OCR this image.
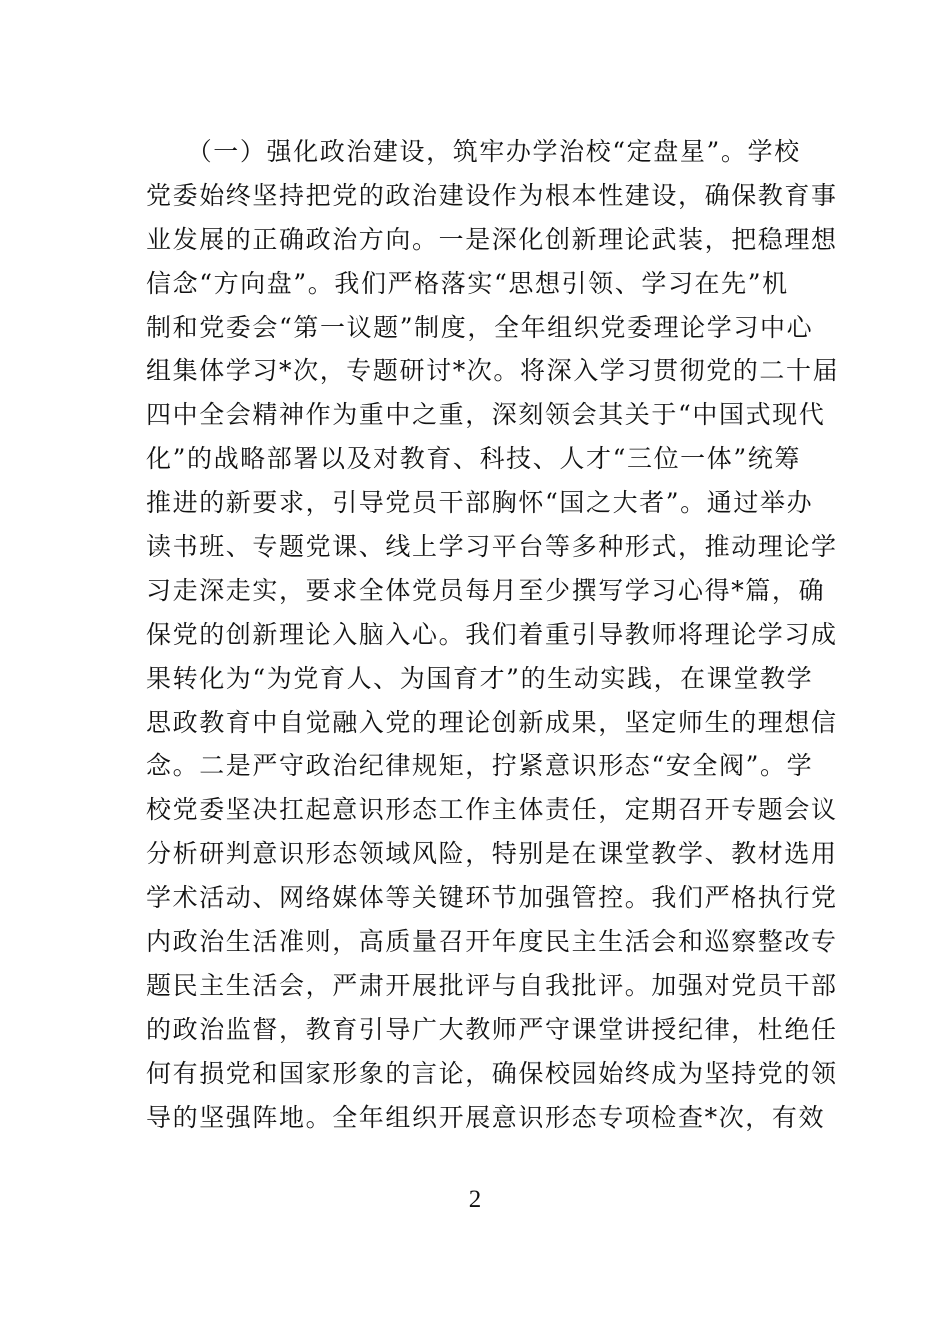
　　（一）强化政治建设，筑牢办学治校“定盘星”。学校
党委始终坚持把党的政治建设作为根本性建设，确保教育事
业发展的正确政治方向。一是深化创新理论武装，把稳理想
信念“方向盘”。我们严格落实“思想引领、学习在先”机
制和党委会“第一议题”制度，全年组织党委理论学习中心
组集体学习*次，专题研讨*次。将深入学习贯彻党的二十届
四中全会精神作为重中之重，深刻领会其关于“中国式现代
化”的战略部署以及对教育、科技、人才“三位一体”统筹
推进的新要求，引导党员干部胸怀“国之大者”。通过举办
读书班、专题党课、线上学习平台等多种形式，推动理论学
习走深走实，要求全体党员每月至少撰写学习心得*篇，确
保党的创新理论入脑入心。我们着重引导教师将理论学习成
果转化为“为党育人、为国育才”的生动实践，在课堂教学
思政教育中自觉融入党的理论创新成果，坚定师生的理想信
念。二是严守政治纪律规矩，拧紧意识形态“安全阀”。学
校党委坚决扛起意识形态工作主体责任，定期召开专题会议
分析研判意识形态领域风险，特别是在课堂教学、教材选用
学术活动、网络媒体等关键环节加强管控。我们严格执行党
内政治生活准则，高质量召开年度民主生活会和巡察整改专
题民主生活会，严肃开展批评与自我批评。加强对党员干部
的政治监督，教育引导广大教师严守课堂讲授纪律，杜绝任
何有损党和国家形象的言论，确保校园始终成为坚持党的领
导的坚强阵地。全年组织开展意识形态专项检查*次，有效
2
